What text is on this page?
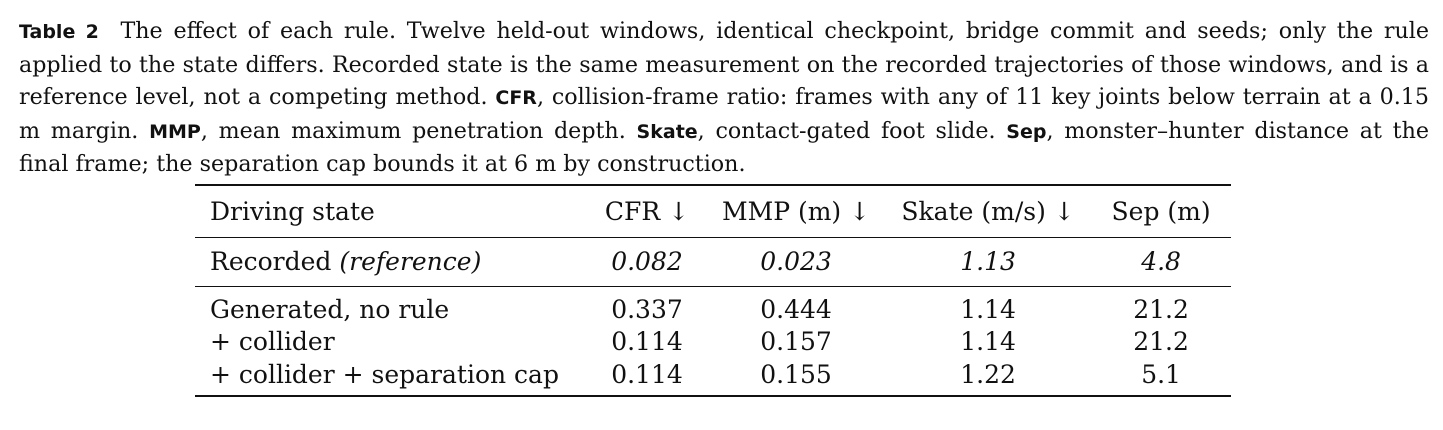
Table 2 The effect of each rule. Twelve held-out windows, identical checkpoint, bridge commit and seeds; only the rule applied to the state differs. Recorded state is the same measurement on the recorded trajectories of those windows, and is a reference level, not a competing method. CFR, collision-frame ratio: frames with any of 11 key joints below terrain at a 0.15 m margin. MMP, mean maximum penetration depth. Skate, contact-gated foot slide. Sep, monster–hunter distance at the final frame; the separation cap bounds it at 6 m by construction.

Driving state	CFR ↓	MMP (m) ↓	Skate (m/s) ↓	Sep (m)
Recorded (reference)	0.082	0.023	1.13	4.8
Generated, no rule	0.337	0.444	1.14	21.2
+ collider	0.114	0.157	1.14	21.2
+ collider + separation cap	0.114	0.155	1.22	5.1
